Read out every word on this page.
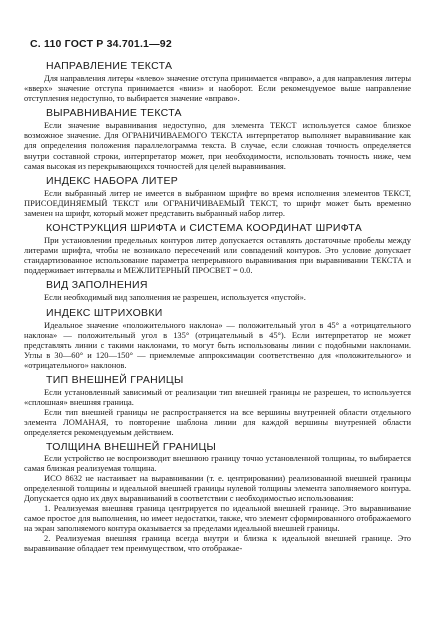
С. 110 ГОСТ Р 34.701.1—92
НАПРАВЛЕНИЕ ТЕКСТА

Для направления литеры «влево» значение отступа принимается «вправо», а для направления литеры «вверх» значение отступа принимается «вниз» и наоборот. Если рекомендуемое выше направление отступления недоступно, то выбирается значение «вправо».

ВЫРАВНИВАНИЕ ТЕКСТА

Если значение выравнивания недоступно, для элемента ТЕКСТ используется самое близкое возможное значение. Для ОГРАНИЧИВАЕМОГО ТЕКСТА интерпретатор выполняет выравнивание как для определения положения параллелограмма текста. В случае, если сложная точность определяется внутри составной строки, интерпретатор может, при необходимости, использовать точность ниже, чем самая высокая из перекрывающихся точностей для целей выравнивания.

ИНДЕКС НАБОРА ЛИТЕР

Если выбранный литер не имеется в выбранном шрифте во время исполнения элементов ТЕКСТ, ПРИСОЕДИНЯЕМЫЙ ТЕКСТ или ОГРАНИЧИВАЕМЫЙ ТЕКСТ, то шрифт может быть временно заменен на шрифт, который может представить выбранный набор литер.

КОНСТРУКЦИЯ ШРИФТА и СИСТЕМА КООРДИНАТ ШРИФТА

При установлении предельных контуров литер допускается оставлять достаточные пробелы между литерами шрифта, чтобы не возникало пересечений или совпадений контуров. Это условие допускает стандартизованное использование параметра непрерывного выравнивания при выравнивании ТЕКСТА и поддерживает интервалы и МЕЖЛИТЕРНЫЙ ПРОСВЕТ = 0.0.

ВИД ЗАПОЛНЕНИЯ

Если необходимый вид заполнения не разрешен, используется «пустой».

ИНДЕКС ШТРИХОВКИ

Идеальное значение «положительного наклона» — положительный угол в 45° а «отрицательного наклона» — положительный угол в 135° (отрицательный в 45°). Если интерпретатор не может представлять линии с такими наклонами, то могут быть использованы линии с подобными наклонами. Углы в 30—60° и 120—150° — приемлемые аппроксимации соответственно для «положительного» и «отрицательного» наклонов.

ТИП ВНЕШНЕЙ ГРАНИЦЫ

Если установленный зависимый от реализации тип внешней границы не разрешен, то используется «сплошная» внешняя граница.

Если тип внешней границы не распространяется на все вершины внутренней области отдельного элемента ЛОМАНАЯ, то повторение шаблона линии для каждой вершины внутренней области определяется рекомендуемым действием.

ТОЛЩИНА ВНЕШНЕЙ ГРАНИЦЫ

Если устройство не воспроизводит внешнюю границу точно установленной толщины, то выбирается самая близкая реализуемая толщина.

ИСО 8632 не настаивает на выравнивании (т. е. центрировании) реализованной внешней границы определенной толщины и идеальной внешней границы нулевой толщины элемента заполняемого контура. Допускается одно их двух выравниваний в соответствии с необходимостью использования:

1. Реализуемая внешняя граница центрируется по идеальной внешней границе. Это выравнивание самое простое для выполнения, но имеет недостатки, также, что элемент сформированного отображаемого на экран заполняемого контура оказывается за пределами идеальной внешней границы.

2. Реализуемая внешняя граница всегда внутри и близка к идеальной внешней границе. Это выравнивание обладает тем преимуществом, что отображае-
